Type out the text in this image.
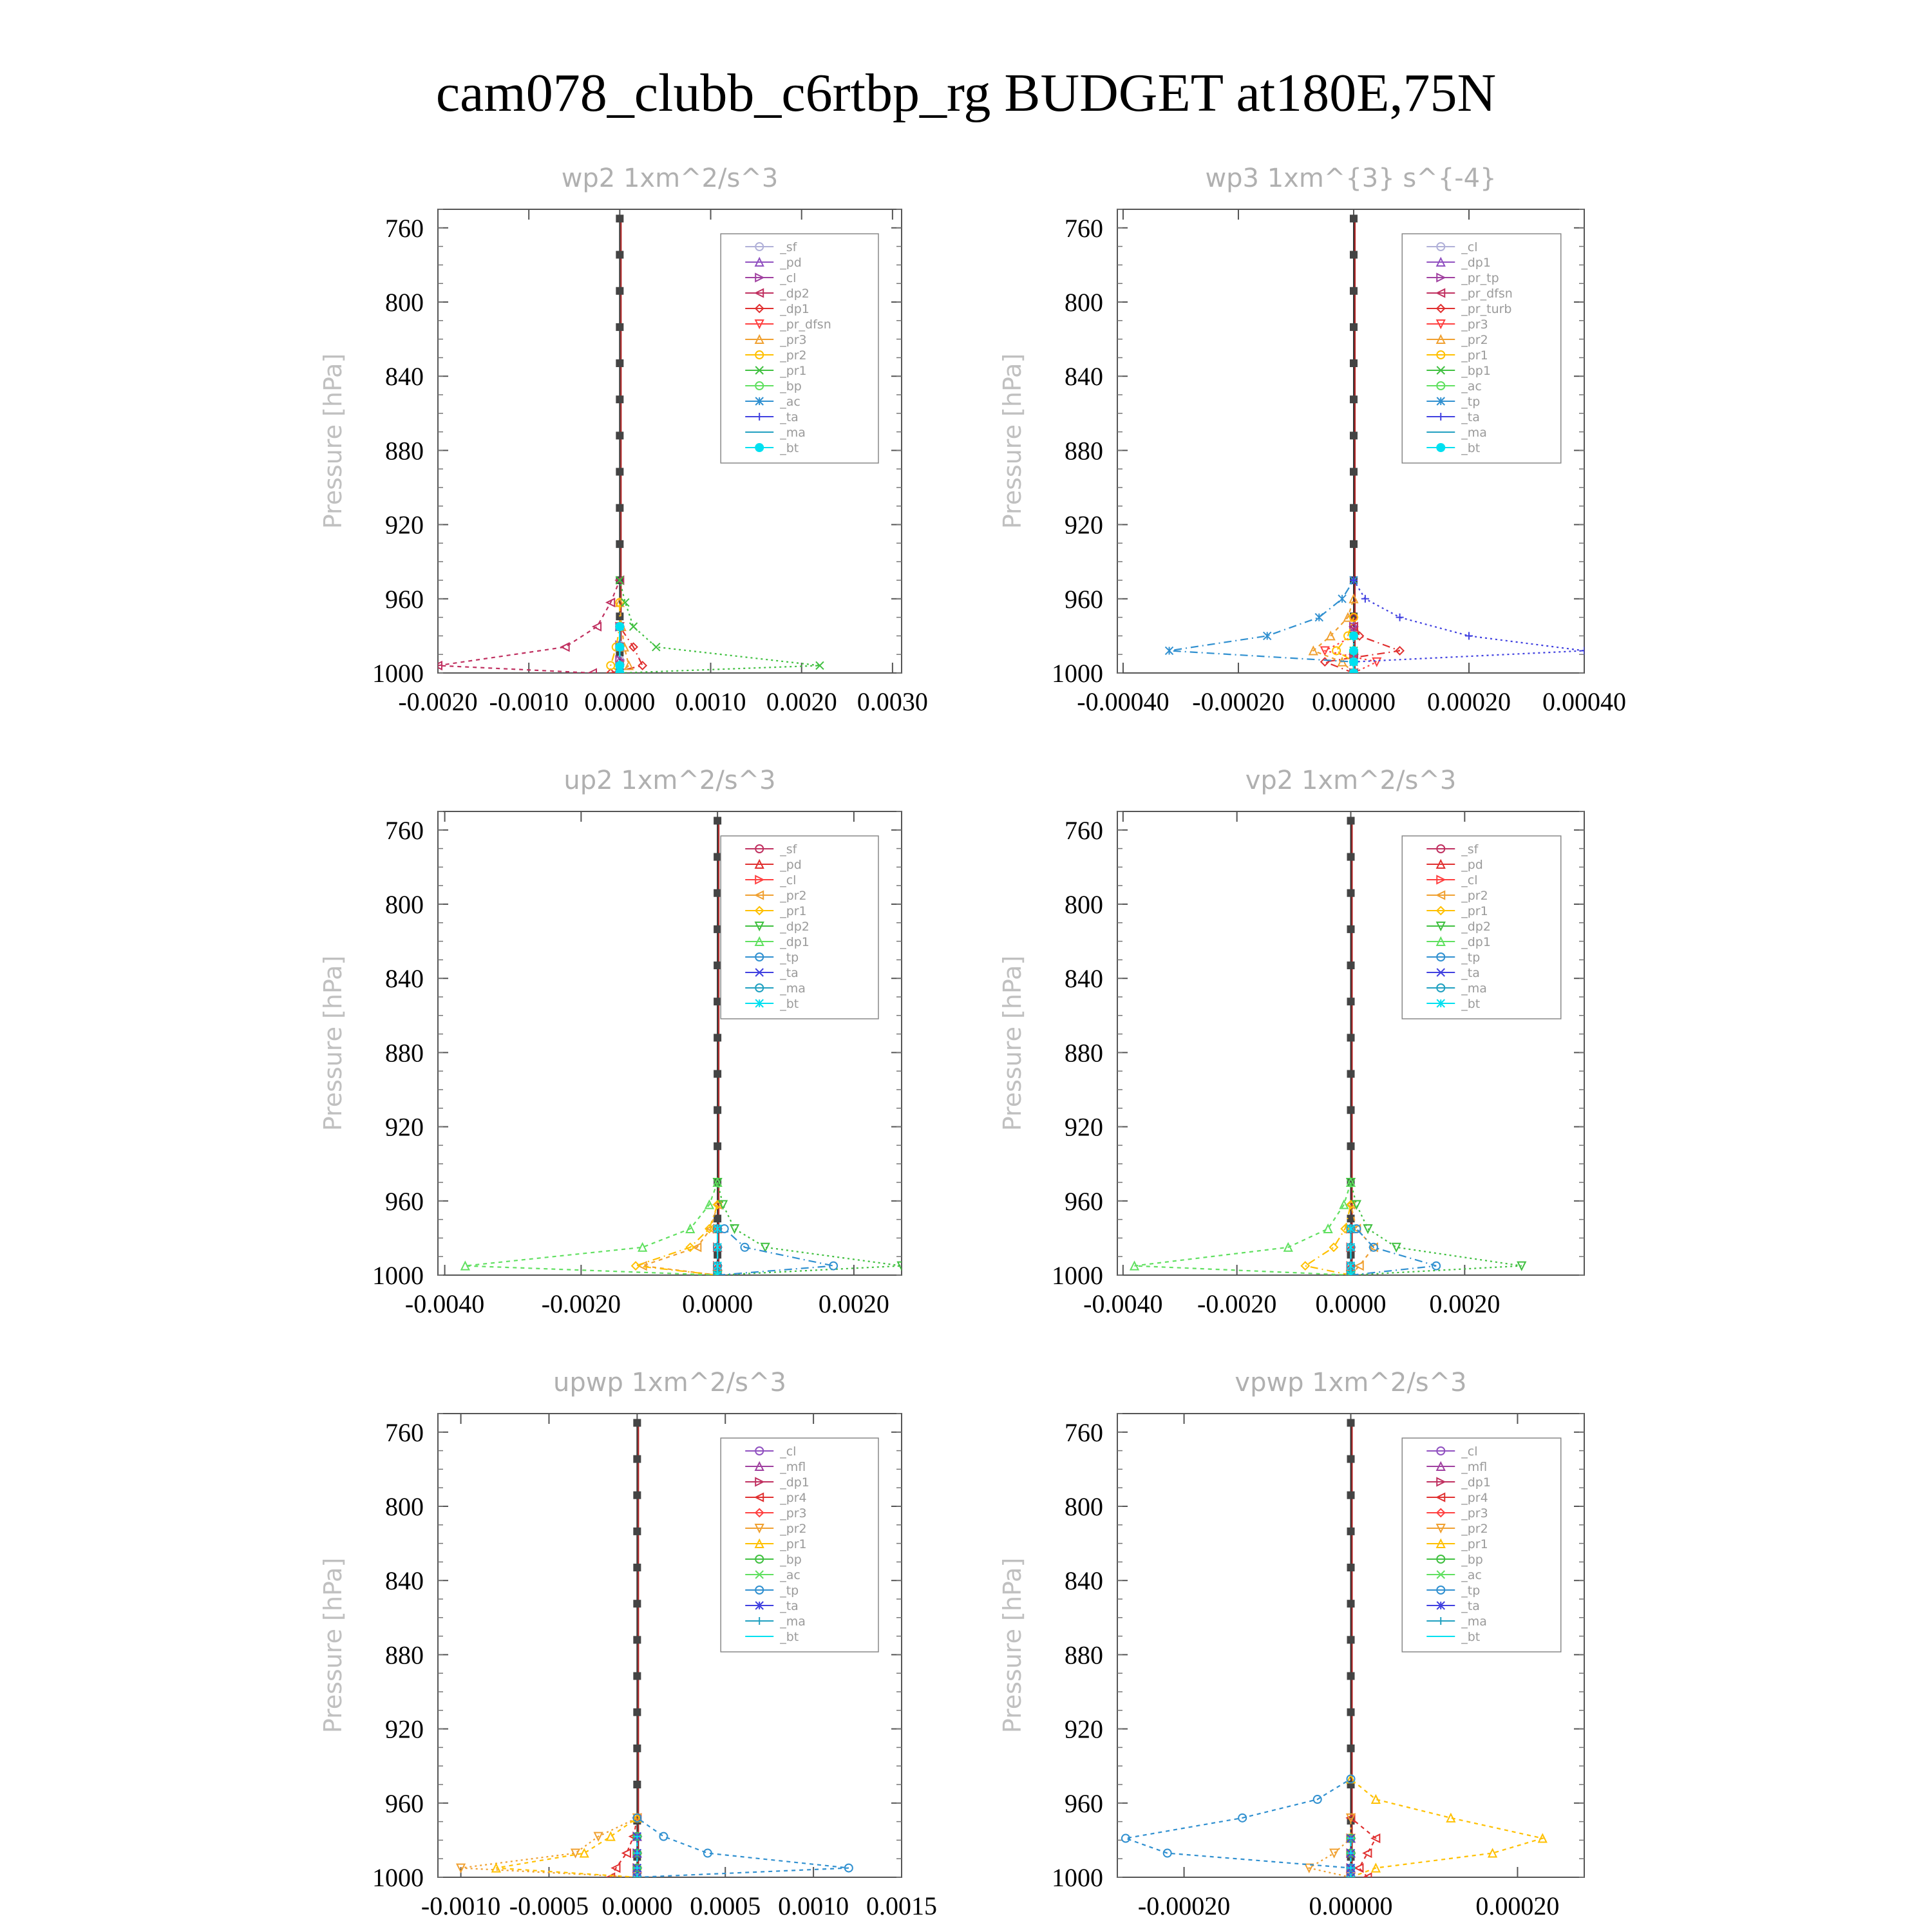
cam078_clubb_c6rtbp_rg BUDGET at180E,75N
wp2 1xm^2/s^3
Pressure [hPa]
760
800
840
880
920
960
1000
-0.0020 -0.0010 0.0000 0.0010 0.0020 0.0030
_sf
_pd
_cl
_dp2
_dp1
_pr_dfsn
_pr3
_pr2
_pr1
_bp
_ac
_ta
_ma
_bt
wp3 1xm^{3} s^{-4}
Pressure [hPa]
760
800
840
880
920
960
1000
-0.00040 -0.00020 0.00000 0.00020 0.00040
_cl
_dp1
_pr_tp
_pr_dfsn
_pr_turb
_pr3
_pr2
_pr1
_bp1
_ac
_tp
_ta
_ma
_bt
up2 1xm^2/s^3
Pressure [hPa]
760
800
840
880
920
960
1000
-0.0040 -0.0020 0.0000	0.0020
_sf
_pd
_cl
_pr2
_pr1
_dp2
_dp1
_tp
_ta
_ma
_bt
vp2 1xm^2/s^3
Pressure [hPa]
760
800
840
880
920
960
1000
-0.0040 -0.0020 0.0000 0.0020
_sf
_pd
_cl
_pr2
_pr1
_dp2
_dp1
_tp
_ta
_ma
_bt
upwp 1xm^2/s^3
Pressure [hPa]
760
800
840
880
920
960
1000
-0.0010 -0.0005 0.0000 0.0005 0.0010 0.0015
_cl
_mfl
_dp1
_pr4
_pr3
_pr2
_pr1
_bp
_ac
_tp
_ta
_ma
_bt
vpwp 1xm^2/s^3
Pressure [hPa]
760
800
840
880
920
960
1000
-0.00020	0.00000	0.00020
_cl
_mfl
_dp1
_pr4
_pr3
_pr2
_pr1
_bp
_ac
_tp
_ta
_ma
_bt
